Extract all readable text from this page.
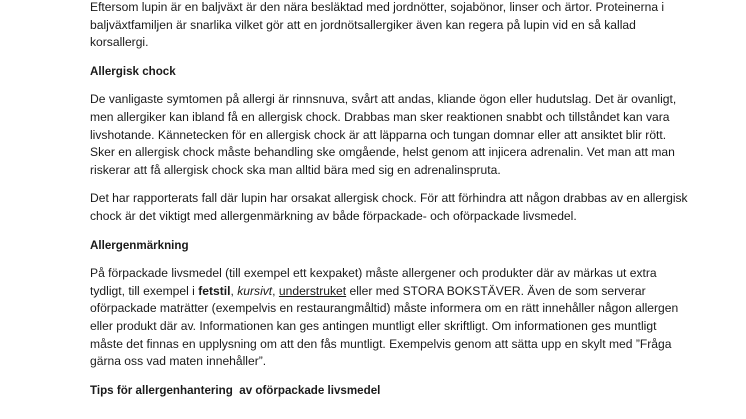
Eftersom lupin är en baljväxt är den nära besläktad med jordnötter, sojabönor, linser och ärtor. Proteinerna i
baljväxtfamiljen är snarlika vilket gör att en jordnötsallergiker även kan regera på lupin vid en så kallad
korsallergi.
Allergisk chock
De vanligaste symtomen på allergi är rinnsnuva, svårt att andas, kliande ögon eller hudutslag. Det är ovanligt,
men allergiker kan ibland få en allergisk chock. Drabbas man sker reaktionen snabbt och tillståndet kan vara
livshotande. Kännetecken för en allergisk chock är att läpparna och tungan domnar eller att ansiktet blir rött.
Sker en allergisk chock måste behandling ske omgående, helst genom att injicera adrenalin. Vet man att man
riskerar att få allergisk chock ska man alltid bära med sig en adrenalinspruta.
Det har rapporterats fall där lupin har orsakat allergisk chock. För att förhindra att någon drabbas av en allergisk
chock är det viktigt med allergenmärkning av både förpackade- och oförpackade livsmedel.
Allergenmärkning
På förpackade livsmedel (till exempel ett kexpaket) måste allergener och produkter där av märkas ut extra
tydligt, till exempel i fetstil, kursivt, understruket eller med STORA BOKSTÄVER. Även de som serverar
oförpackade maträtter (exempelvis en restaurangmåltid) måste informera om en rätt innehåller någon allergen
eller produkt där av. Informationen kan ges antingen muntligt eller skriftligt. Om informationen ges muntligt
måste det finnas en upplysning om att den fås muntligt. Exempelvis genom att sätta upp en skylt med ”Fråga
gärna oss vad maten innehåller”.
Tips för allergenhantering  av oförpackade livsmedel
